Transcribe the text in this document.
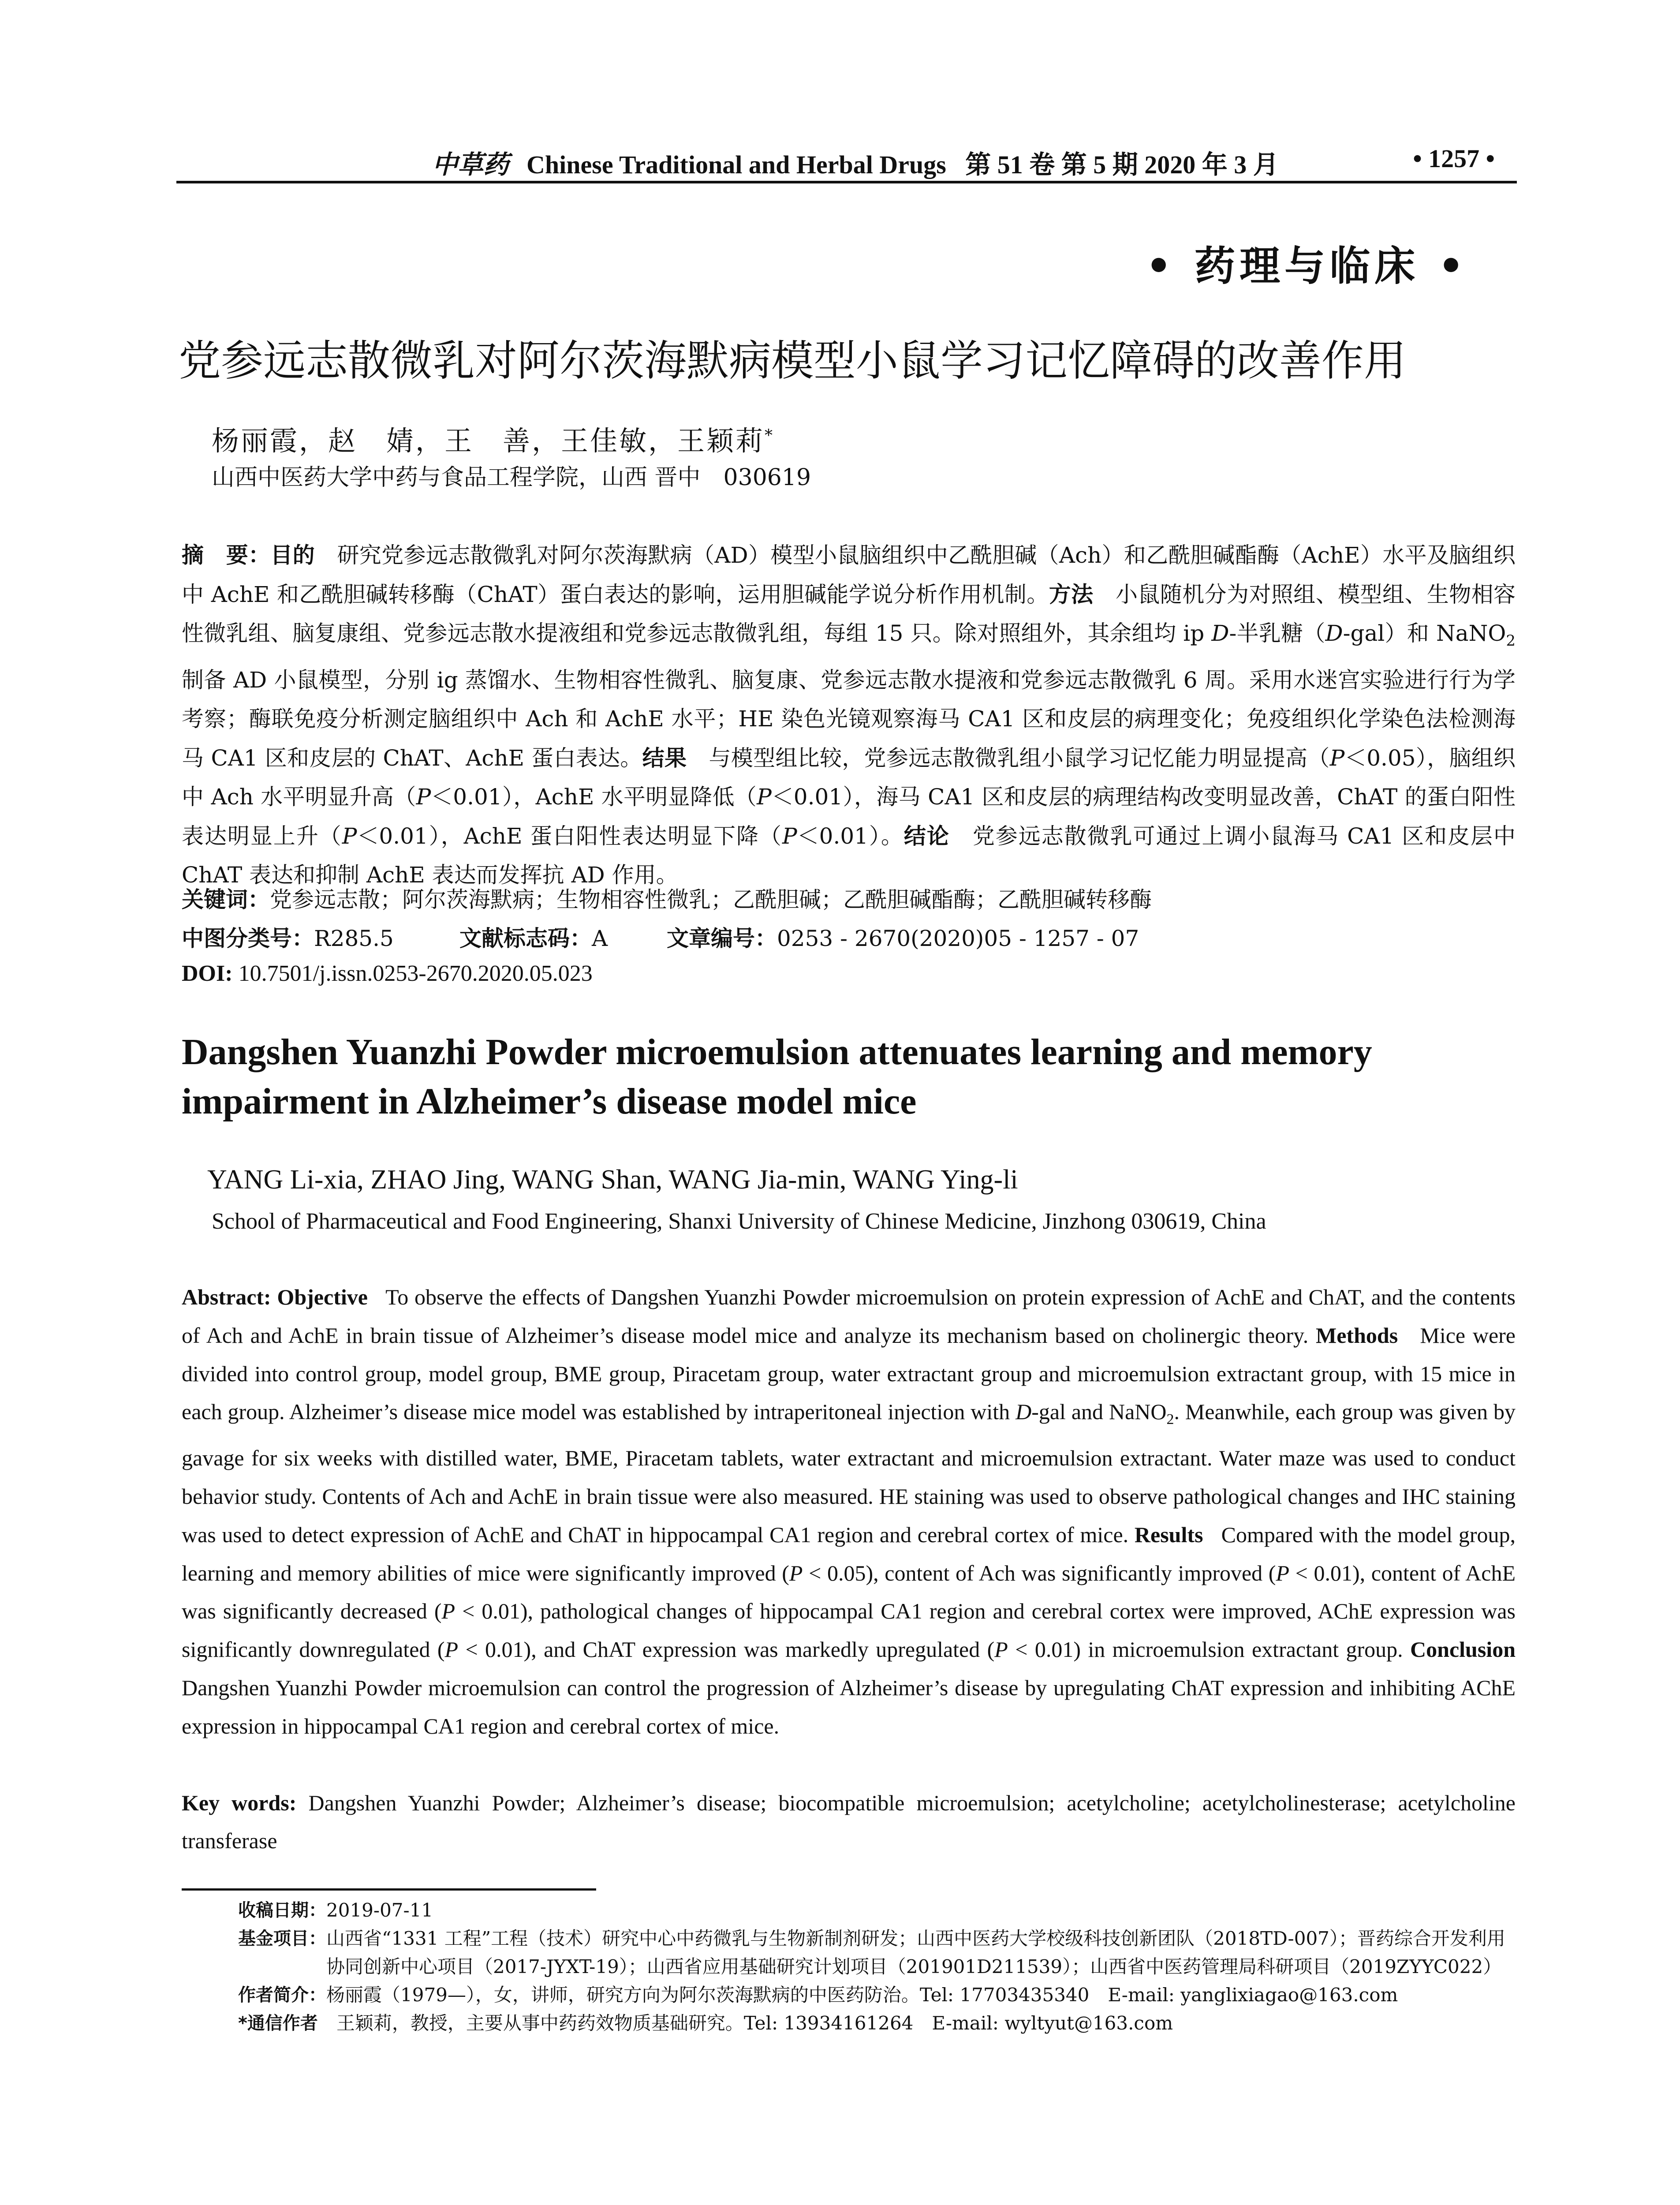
中草药 Chinese Traditional and Herbal Drugs   第 51 卷 第 5 期 2020 年 3 月	• 1257 •
• 药理与临床 •
党参远志散微乳对阿尔茨海默病模型小鼠学习记忆障碍的改善作用
杨丽霞，赵　婧，王　善，王佳敏，王颖莉*
山西中医药大学中药与食品工程学院，山西 晋中　030619
摘　要：目的　研究党参远志散微乳对阿尔茨海默病（AD）模型小鼠脑组织中乙酰胆碱（Ach）和乙酰胆碱酯酶（AchE）水平及脑组织中 AchE 和乙酰胆碱转移酶（ChAT）蛋白表达的影响，运用胆碱能学说分析作用机制。方法　小鼠随机分为对照组、模型组、生物相容性微乳组、脑复康组、党参远志散水提液组和党参远志散微乳组，每组 15 只。除对照组外，其余组均 ip D-半乳糖（D-gal）和 NaNO$_2$ 制备 AD 小鼠模型，分别 ig 蒸馏水、生物相容性微乳、脑复康、党参远志散水提液和党参远志散微乳 6 周。采用水迷宫实验进行行为学考察；酶联免疫分析测定脑组织中 Ach 和 AchE 水平；HE 染色光镜观察海马 CA1 区和皮层的病理变化；免疫组织化学染色法检测海马 CA1 区和皮层的 ChAT、AchE 蛋白表达。结果　与模型组比较，党参远志散微乳组小鼠学习记忆能力明显提高（P＜0.05），脑组织中 Ach 水平明显升高（P＜0.01），AchE 水平明显降低（P＜0.01），海马 CA1 区和皮层的病理结构改变明显改善，ChAT 的蛋白阳性表达明显上升（P＜0.01），AchE 蛋白阳性表达明显下降（P＜0.01）。结论　党参远志散微乳可通过上调小鼠海马 CA1 区和皮层中 ChAT 表达和抑制 AchE 表达而发挥抗 AD 作用。
关键词：党参远志散；阿尔茨海默病；生物相容性微乳；乙酰胆碱；乙酰胆碱酯酶；乙酰胆碱转移酶
中图分类号：R285.5	文献标志码：A	文章编号：0253 - 2670(2020)05 - 1257 - 07
DOI: 10.7501/j.issn.0253-2670.2020.05.023
Dangshen Yuanzhi Powder microemulsion attenuates learning and memory impairment in Alzheimer’s disease model mice
YANG Li-xia, ZHAO Jing, WANG Shan, WANG Jia-min, WANG Ying-li
School of Pharmaceutical and Food Engineering, Shanxi University of Chinese Medicine, Jinzhong 030619, China
Abstract: Objective   To observe the effects of Dangshen Yuanzhi Powder microemulsion on protein expression of AchE and ChAT, and the contents of Ach and AchE in brain tissue of Alzheimer’s disease model mice and analyze its mechanism based on cholinergic theory. Methods   Mice were divided into control group, model group, BME group, Piracetam group, water extractant group and microemulsion extractant group, with 15 mice in each group. Alzheimer’s disease mice model was established by intraperitoneal injection with D-gal and NaNO$_2$. Meanwhile, each group was given by gavage for six weeks with distilled water, BME, Piracetam tablets, water extractant and microemulsion extractant. Water maze was used to conduct behavior study. Contents of Ach and AchE in brain tissue were also measured. HE staining was used to observe pathological changes and IHC staining was used to detect expression of AchE and ChAT in hippocampal CA1 region and cerebral cortex of mice. Results   Compared with the model group, learning and memory abilities of mice were significantly improved (P < 0.05), content of Ach was significantly improved (P < 0.01), content of AchE was significantly decreased (P < 0.01), pathological changes of hippocampal CA1 region and cerebral cortex were improved, AChE expression was significantly downregulated (P < 0.01), and ChAT expression was markedly upregulated (P < 0.01) in microemulsion extractant group. Conclusion   Dangshen Yuanzhi Powder microemulsion can control the progression of Alzheimer’s disease by upregulating ChAT expression and inhibiting AChE expression in hippocampal CA1 region and cerebral cortex of mice.
Key words: Dangshen Yuanzhi Powder; Alzheimer’s disease; biocompatible microemulsion; acetylcholine; acetylcholinesterase; acetylcholine transferase
收稿日期： 2019-07-11
基金项目： 山西省“1331 工程”工程（技术）研究中心中药微乳与生物新制剂研发；山西中医药大学校级科技创新团队（2018TD-007）；晋药综合开发利用协同创新中心项目（2017-JYXT-19）；山西省应用基础研究计划项目（201901D211539）；山西省中医药管理局科研项目（2019ZYYC022）
作者简介： 杨丽霞（1979—），女，讲师，研究方向为阿尔茨海默病的中医药防治。Tel: 17703435340　E-mail: yanglixiagao@163.com
*通信作者 　王颖莉，教授，主要从事中药药效物质基础研究。Tel: 13934161264　E-mail: wyltyut@163.com
